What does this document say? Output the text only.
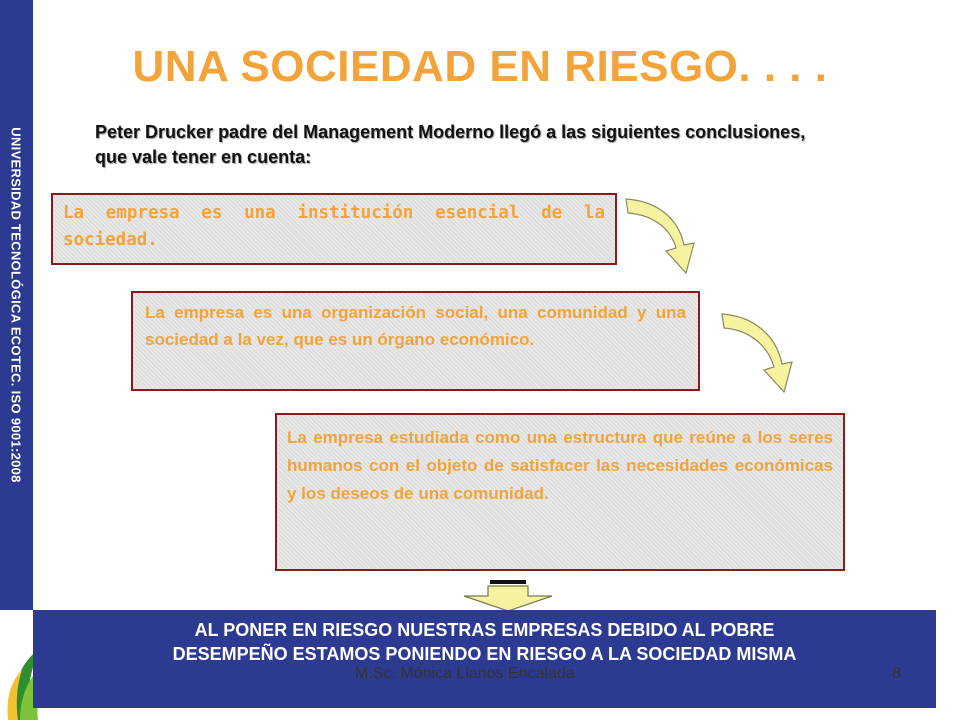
UNIVERSIDAD TECNOLÓGICA ECOTEC. ISO 9001:2008
UNA SOCIEDAD EN RIESGO. . . .
Peter Drucker padre del Management Moderno llegó a las siguientes conclusiones, que vale tener en cuenta:

La empresa es una institución esencial de la sociedad.

La empresa es una organización social, una comunidad y una sociedad a la vez, que es un órgano económico.

La empresa estudiada como una estructura que reúne a los seres humanos con el objeto de satisfacer las necesidades económicas y los deseos de una comunidad.

AL PONER EN RIESGO NUESTRAS EMPRESAS DEBIDO AL POBRE
DESEMPEÑO ESTAMOS PONIENDO EN RIESGO A LA SOCIEDAD MISMA
M.Sc. Mónica Llanos Encalada	8
